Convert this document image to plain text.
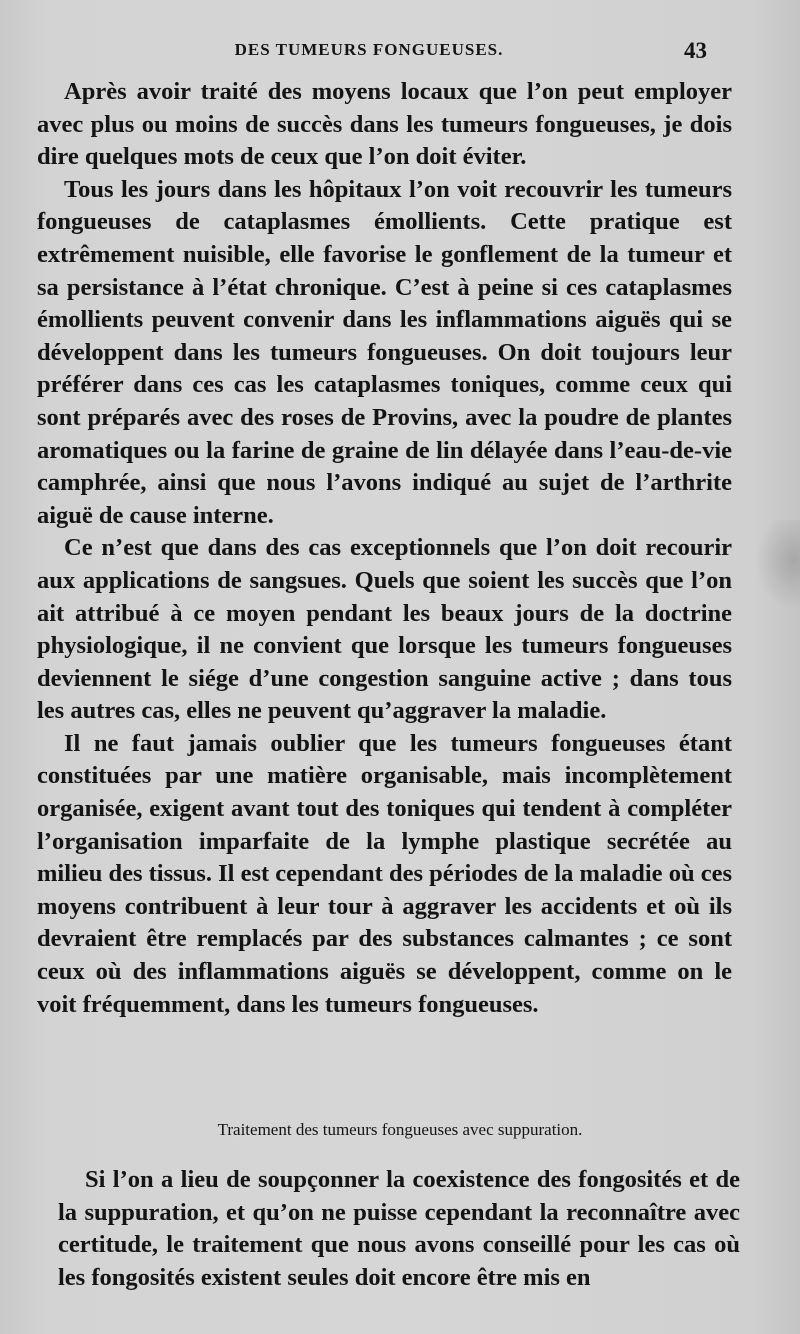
DES TUMEURS FONGUEUSES.	43

Après avoir traité des moyens locaux que l’on peut employer avec plus ou moins de succès dans les tumeurs fongueuses, je dois dire quelques mots de ceux que l’on doit éviter.

Tous les jours dans les hôpitaux l’on voit recouvrir les tumeurs fongueuses de cataplasmes émollients. Cette pratique est extrêmement nuisible, elle favorise le gonflement de la tumeur et sa persistance à l’état chronique. C’est à peine si ces cataplasmes émollients peuvent convenir dans les inflammations aiguës qui se développent dans les tumeurs fongueuses. On doit toujours leur préférer dans ces cas les cataplasmes toniques, comme ceux qui sont préparés avec des roses de Provins, avec la poudre de plantes aromatiques ou la farine de graine de lin délayée dans l’eau-de-vie camphrée, ainsi que nous l’avons indiqué au sujet de l’arthrite aiguë de cause interne.

Ce n’est que dans des cas exceptionnels que l’on doit recourir aux applications de sangsues. Quels que soient les succès que l’on ait attribué à ce moyen pendant les beaux jours de la doctrine physiologique, il ne convient que lorsque les tumeurs fongueuses deviennent le siége d’une congestion sanguine active ; dans tous les autres cas, elles ne peuvent qu’aggraver la maladie.

Il ne faut jamais oublier que les tumeurs fongueuses étant constituées par une matière organisable, mais incomplètement organisée, exigent avant tout des toniques qui tendent à compléter l’organisation imparfaite de la lymphe plastique secrétée au milieu des tissus. Il est cependant des périodes de la maladie où ces moyens contribuent à leur tour à aggraver les accidents et où ils devraient être remplacés par des substances calmantes ; ce sont ceux où des inflammations aiguës se développent, comme on le voit fréquemment, dans les tumeurs fongueuses.

Traitement des tumeurs fongueuses avec suppuration.

Si l’on a lieu de soupçonner la coexistence des fongosités et de la suppuration, et qu’on ne puisse cependant la reconnaître avec certitude, le traitement que nous avons conseillé pour les cas où les fongosités existent seules doit encore être mis en
